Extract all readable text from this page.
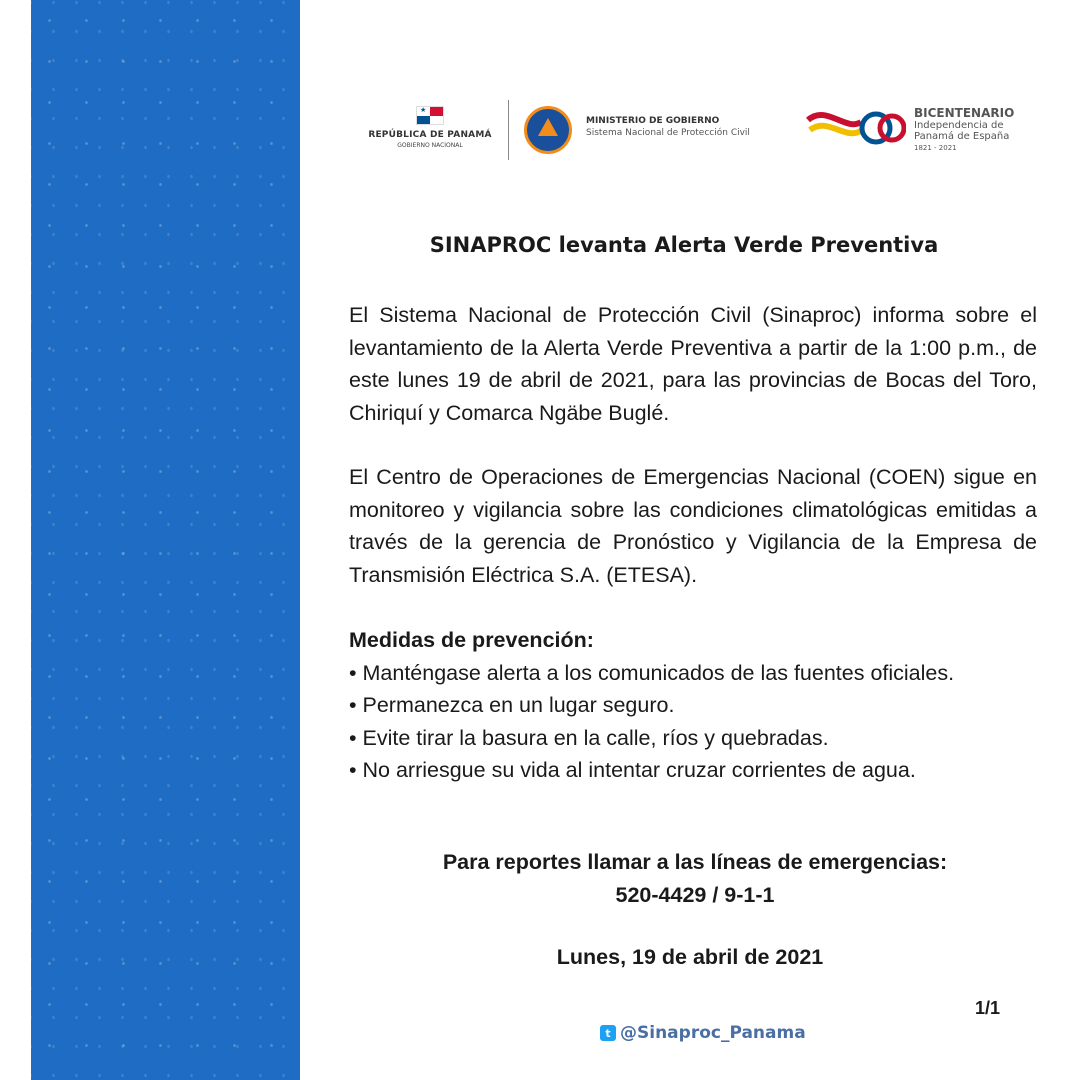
★
REPÚBLICA DE PANAMÁ
GOBIERNO NACIONAL
MINISTERIO DE GOBIERNO
Sistema Nacional de Protección Civil
BICENTENARIO
Independencia de
Panamá de España
1821 - 2021
SINAPROC levanta Alerta Verde Preventiva

El Sistema Nacional de Protección Civil (Sinaproc) informa sobre el levantamiento de la Alerta Verde Preventiva a partir de la 1:00 p.m., de este lunes 19 de abril de 2021, para las provincias de Bocas del Toro, Chiriquí y Comarca Ngäbe Buglé.

El Centro de Operaciones de Emergencias Nacional (COEN) sigue en monitoreo y vigilancia sobre las condiciones climatológicas emitidas a través de la gerencia de Pronóstico y Vigilancia de la Empresa de Transmisión Eléctrica S.A. (ETESA).

Medidas de prevención:
• Manténgase alerta a los comunicados de las fuentes oficiales.
• Permanezca en un lugar seguro.
• Evite tirar la basura en la calle, ríos y quebradas.
• No arriesgue su vida al intentar cruzar corrientes de agua.
Para reportes llamar a las líneas de emergencias:
520-4429 / 9-1-1
Lunes, 19 de abril de 2021
1/1
t @Sinaproc_Panama
